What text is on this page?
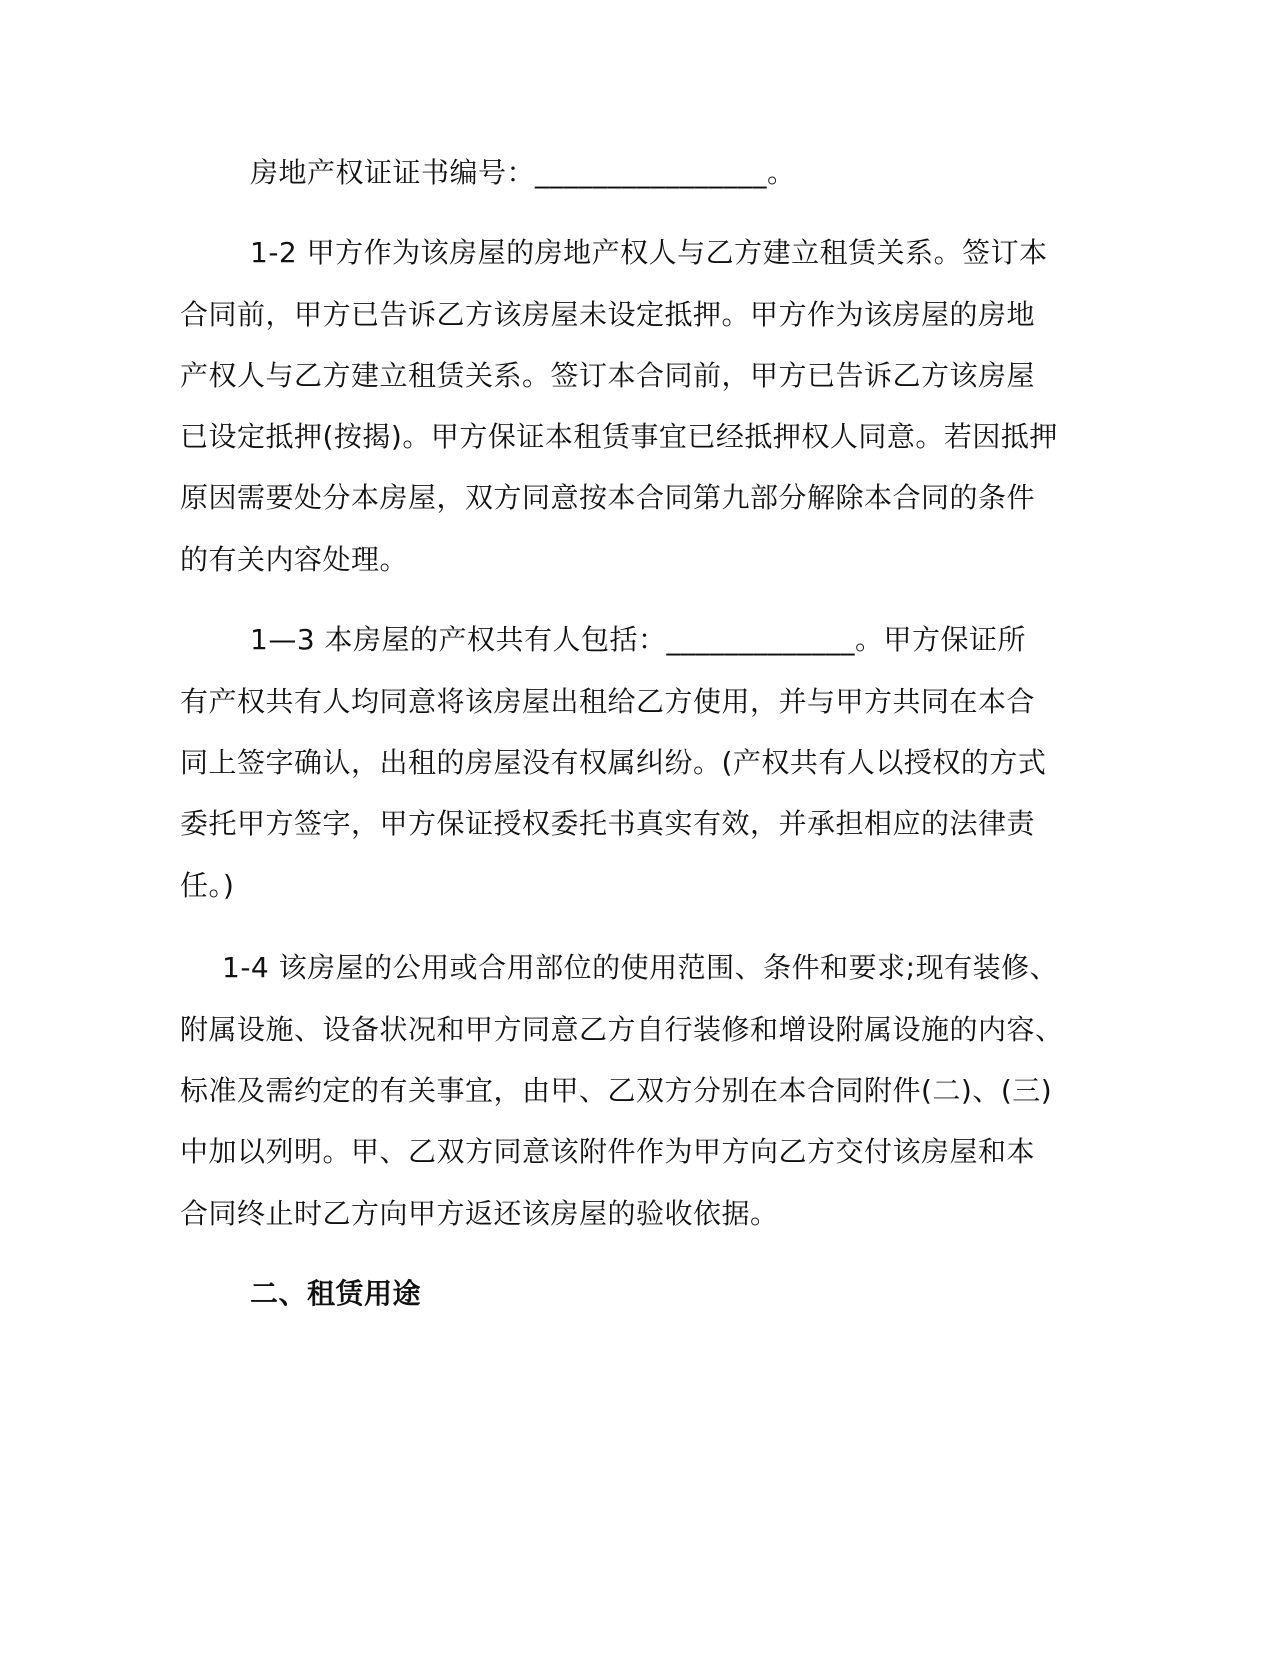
房地产权证证书编号：________________。
1-2 甲方作为该房屋的房地产权人与乙方建立租赁关系。签订本
合同前，甲方已告诉乙方该房屋未设定抵押。甲方作为该房屋的房地
产权人与乙方建立租赁关系。签订本合同前，甲方已告诉乙方该房屋
已设定抵押(按揭)。甲方保证本租赁事宜已经抵押权人同意。若因抵押
原因需要处分本房屋，双方同意按本合同第九部分解除本合同的条件
的有关内容处理。
1—3 本房屋的产权共有人包括：_____________。甲方保证所
有产权共有人均同意将该房屋出租给乙方使用，并与甲方共同在本合
同上签字确认，出租的房屋没有权属纠纷。(产权共有人以授权的方式
委托甲方签字，甲方保证授权委托书真实有效，并承担相应的法律责
任。)
1-4 该房屋的公用或合用部位的使用范围、条件和要求;现有装修、
附属设施、设备状况和甲方同意乙方自行装修和增设附属设施的内容、
标准及需约定的有关事宜，由甲、乙双方分别在本合同附件(二)、(三)
中加以列明。甲、乙双方同意该附件作为甲方向乙方交付该房屋和本
合同终止时乙方向甲方返还该房屋的验收依据。
二、租赁用途
